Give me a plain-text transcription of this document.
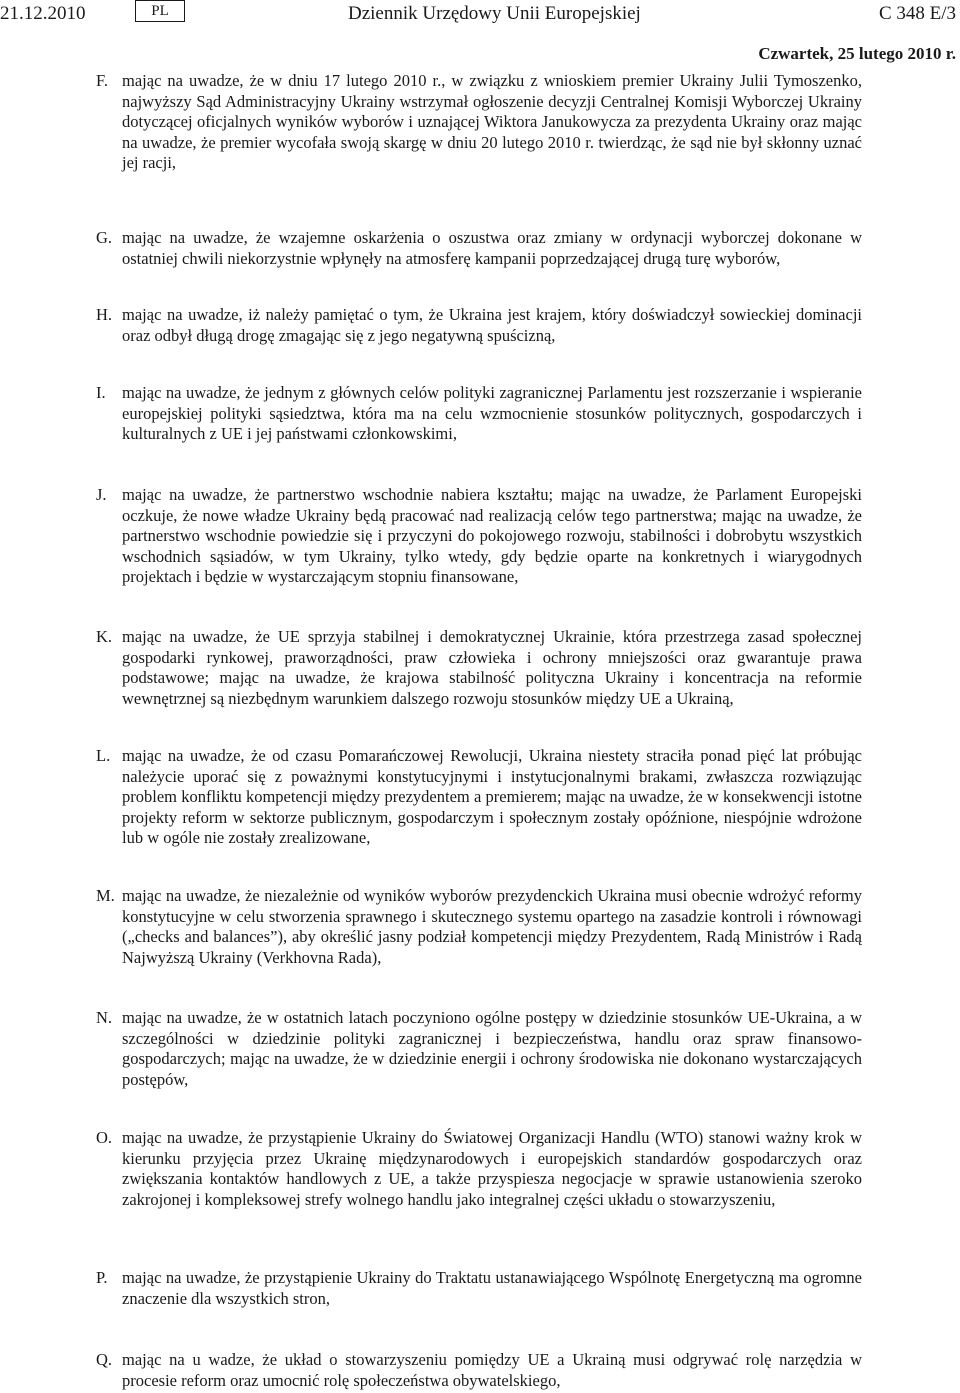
21.12.2010	PL	Dziennik Urzędowy Unii Europejskiej	C 348 E/3
Czwartek, 25 lutego 2010 r.
F. mając na uwadze, że w dniu 17 lutego 2010 r., w związku z wnioskiem premier Ukrainy Julii Tymoszenko, najwyższy Sąd Administracyjny Ukrainy wstrzymał ogłoszenie decyzji Centralnej Komisji Wyborczej Ukrainy dotyczącej oficjalnych wyników wyborów i uznającej Wiktora Janukowycza za prezydenta Ukrainy oraz mając na uwadze, że premier wycofała swoją skargę w dniu 20 lutego 2010 r. twierdząc, że sąd nie był skłonny uznać jej racji,
G. mając na uwadze, że wzajemne oskarżenia o oszustwa oraz zmiany w ordynacji wyborczej dokonane w ostatniej chwili niekorzystnie wpłynęły na atmosferę kampanii poprzedzającej drugą turę wyborów,
H. mając na uwadze, iż należy pamiętać o tym, że Ukraina jest krajem, który doświadczył sowieckiej dominacji oraz odbył długą drogę zmagając się z jego negatywną spuścizną,
I. mając na uwadze, że jednym z głównych celów polityki zagranicznej Parlamentu jest rozszerzanie i wspieranie europejskiej polityki sąsiedztwa, która ma na celu wzmocnienie stosunków politycznych, gospodarczych i kulturalnych z UE i jej państwami członkowskimi,
J. mając na uwadze, że partnerstwo wschodnie nabiera kształtu; mając na uwadze, że Parlament Europejski oczkuje, że nowe władze Ukrainy będą pracować nad realizacją celów tego partnerstwa; mając na uwadze, że partnerstwo wschodnie powiedzie się i przyczyni do pokojowego rozwoju, stabilności i dobrobytu wszystkich wschodnich sąsiadów, w tym Ukrainy, tylko wtedy, gdy będzie oparte na konkretnych i wiarygodnych projektach i będzie w wystarczającym stopniu finansowane,
K. mając na uwadze, że UE sprzyja stabilnej i demokratycznej Ukrainie, która przestrzega zasad społecznej gospodarki rynkowej, praworządności, praw człowieka i ochrony mniejszości oraz gwarantuje prawa podstawowe; mając na uwadze, że krajowa stabilność polityczna Ukrainy i koncentracja na reformie wewnętrznej są niezbędnym warunkiem dalszego rozwoju stosunków między UE a Ukrainą,
L. mając na uwadze, że od czasu Pomarańczowej Rewolucji, Ukraina niestety straciła ponad pięć lat próbując należycie uporać się z poważnymi konstytucyjnymi i instytucjonalnymi brakami, zwłaszcza rozwiązując problem konfliktu kompetencji między prezydentem a premierem; mając na uwadze, że w konsekwencji istotne projekty reform w sektorze publicznym, gospodarczym i społecznym zostały opóźnione, niespójnie wdrożone lub w ogóle nie zostały zrealizowane,
M. mając na uwadze, że niezależnie od wyników wyborów prezydenckich Ukraina musi obecnie wdrożyć reformy konstytucyjne w celu stworzenia sprawnego i skutecznego systemu opartego na zasadzie kontroli i równowagi („checks and balances”), aby określić jasny podział kompetencji między Prezydentem, Radą Ministrów i Radą Najwyższą Ukrainy (Verkhovna Rada),
N. mając na uwadze, że w ostatnich latach poczyniono ogólne postępy w dziedzinie stosunków UE-Ukraina, a w szczególności w dziedzinie polityki zagranicznej i bezpieczeństwa, handlu oraz spraw finansowo-gospodarczych; mając na uwadze, że w dziedzinie energii i ochrony środowiska nie dokonano wystarczających postępów,
O. mając na uwadze, że przystąpienie Ukrainy do Światowej Organizacji Handlu (WTO) stanowi ważny krok w kierunku przyjęcia przez Ukrainę międzynarodowych i europejskich standardów gospodarczych oraz zwiększania kontaktów handlowych z UE, a także przyspiesza negocjacje w sprawie ustanowienia szeroko zakrojonej i kompleksowej strefy wolnego handlu jako integralnej części układu o stowarzyszeniu,
P. mając na uwadze, że przystąpienie Ukrainy do Traktatu ustanawiającego Wspólnotę Energetyczną ma ogromne znaczenie dla wszystkich stron,
Q. mając na u wadze, że układ o stowarzyszeniu pomiędzy UE a Ukrainą musi odgrywać rolę narzędzia w procesie reform oraz umocnić rolę społeczeństwa obywatelskiego,
